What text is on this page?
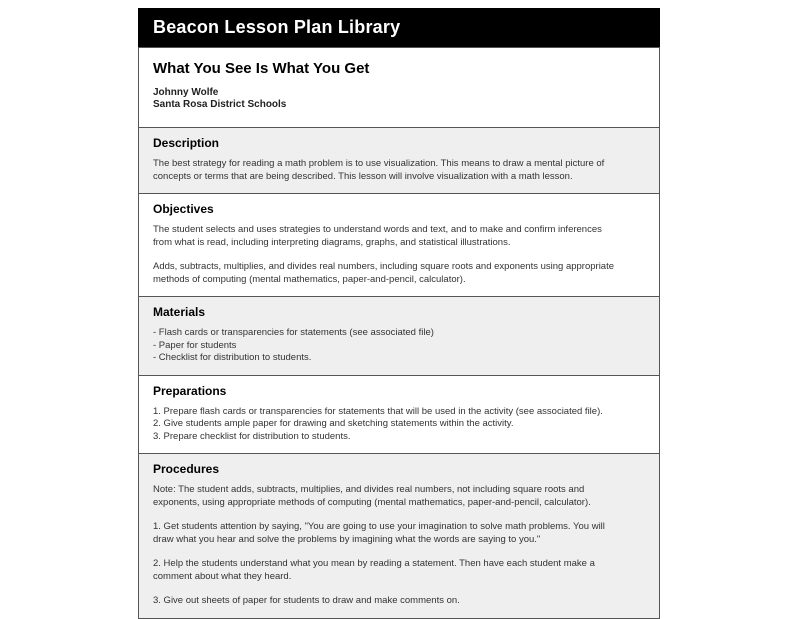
Beacon Lesson Plan Library
What You See Is What You Get
Johnny Wolfe
Santa Rosa District Schools
Description
The best strategy for reading a math problem is to use visualization. This means to draw a mental picture of
concepts or terms that are being described. This lesson will involve visualization with a math lesson.
Objectives
The student selects and uses strategies to understand words and text, and to make and confirm inferences
from what is read, including interpreting diagrams, graphs, and statistical illustrations.
Adds, subtracts, multiplies, and divides real numbers, including square roots and exponents using appropriate
methods of computing (mental mathematics, paper-and-pencil, calculator).
Materials
- Flash cards or transparencies for statements (see associated file)
- Paper for students
- Checklist for distribution to students.
Preparations
1. Prepare flash cards or transparencies for statements that will be used in the activity (see associated file).
2. Give students ample paper for drawing and sketching statements within the activity.
3. Prepare checklist for distribution to students.
Procedures
Note: The student adds, subtracts, multiplies, and divides real numbers, not including square roots and
exponents, using appropriate methods of computing (mental mathematics, paper-and-pencil, calculator).
1. Get students attention by saying, "You are going to use your imagination to solve math problems. You will
draw what you hear and solve the problems by imagining what the words are saying to you."
2. Help the students understand what you mean by reading a statement. Then have each student make a
comment about what they heard.
3. Give out sheets of paper for students to draw and make comments on.
